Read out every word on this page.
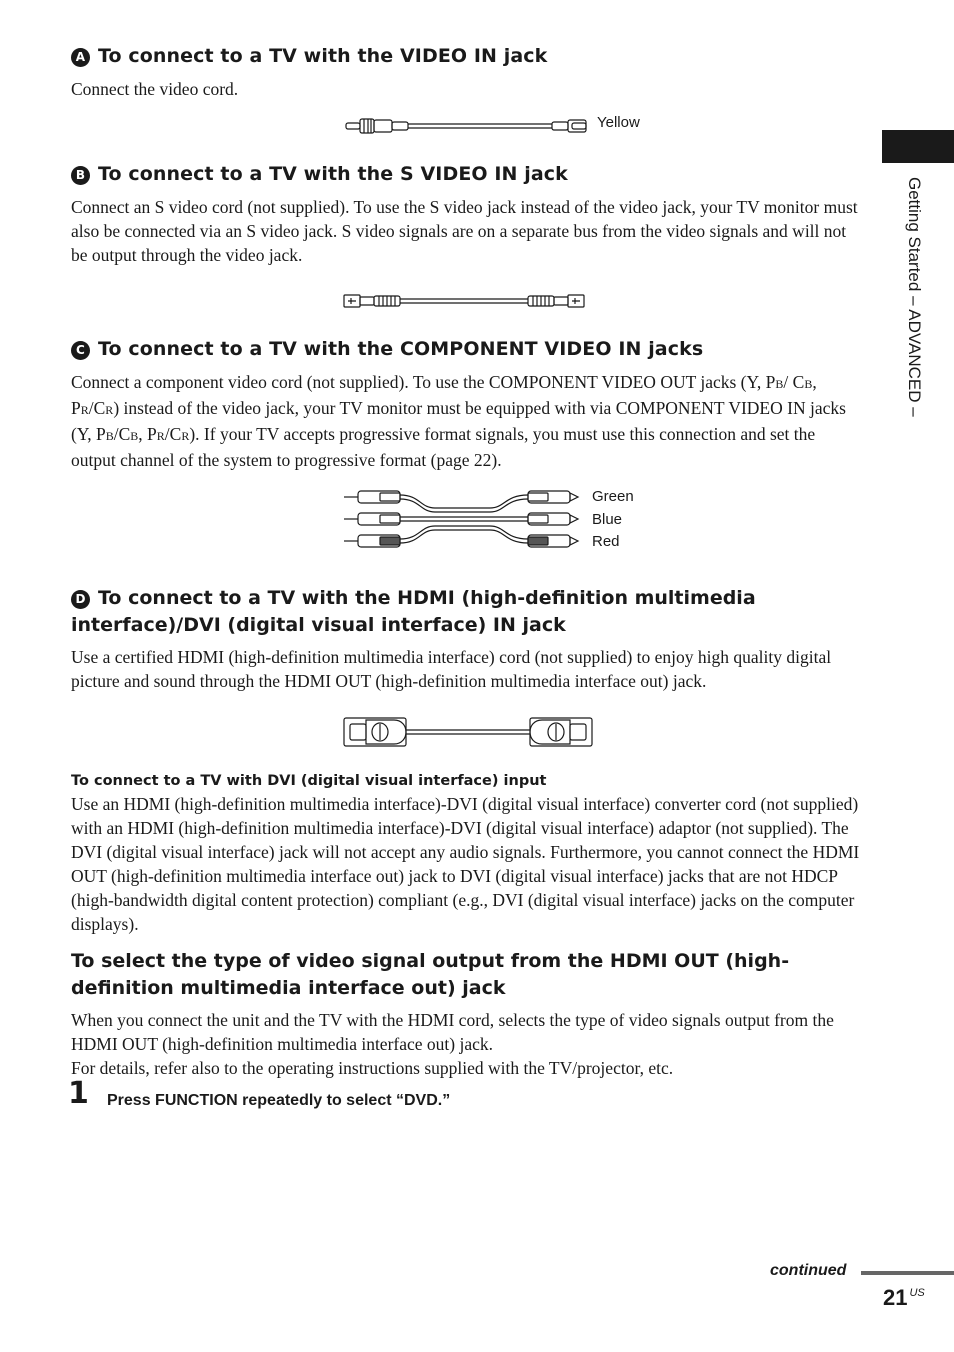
Getting Started – ADVANCED –
A To connect to a TV with the VIDEO IN jack
Connect the video cord.
Yellow
B To connect to a TV with the S VIDEO IN jack
Connect an S video cord (not supplied). To use the S video jack instead of the video jack, your TV monitor must also be connected via an S video jack. S video signals are on a separate bus from the video signals and will not be output through the video jack.
C To connect to a TV with the COMPONENT VIDEO IN jacks
Connect a component video cord (not supplied). To use the COMPONENT VIDEO OUT jacks (Y, PB/ CB, PR/CR) instead of the video jack, your TV monitor must be equipped with via COMPONENT VIDEO IN jacks (Y, PB/CB, PR/CR). If your TV accepts progressive format signals, you must use this connection and set the output channel of the system to progressive format (page 22).
Green
Blue
Red
D To connect to a TV with the HDMI (high-definition multimedia interface)/DVI (digital visual interface) IN jack
Use a certified HDMI (high-definition multimedia interface) cord (not supplied) to enjoy high quality digital picture and sound through the HDMI OUT (high-definition multimedia interface out) jack.
To connect to a TV with DVI (digital visual interface) input
Use an HDMI (high-definition multimedia interface)-DVI (digital visual interface) converter cord (not supplied) with an HDMI (high-definition multimedia interface)-DVI (digital visual interface) adaptor (not supplied). The DVI (digital visual interface) jack will not accept any audio signals. Furthermore, you cannot connect the HDMI OUT (high-definition multimedia interface out) jack to DVI (digital visual interface) jacks that are not HDCP (high-bandwidth digital content protection) compliant (e.g., DVI (digital visual interface) jacks on the computer displays).
To select the type of video signal output from the HDMI OUT (high-definition multimedia interface out) jack
When you connect the unit and the TV with the HDMI cord, selects the type of video signals output from the HDMI OUT (high-definition multimedia interface out) jack.
For details, refer also to the operating instructions supplied with the TV/projector, etc.
1 Press FUNCTION repeatedly to select “DVD.”
continued
21 $^{US}$
